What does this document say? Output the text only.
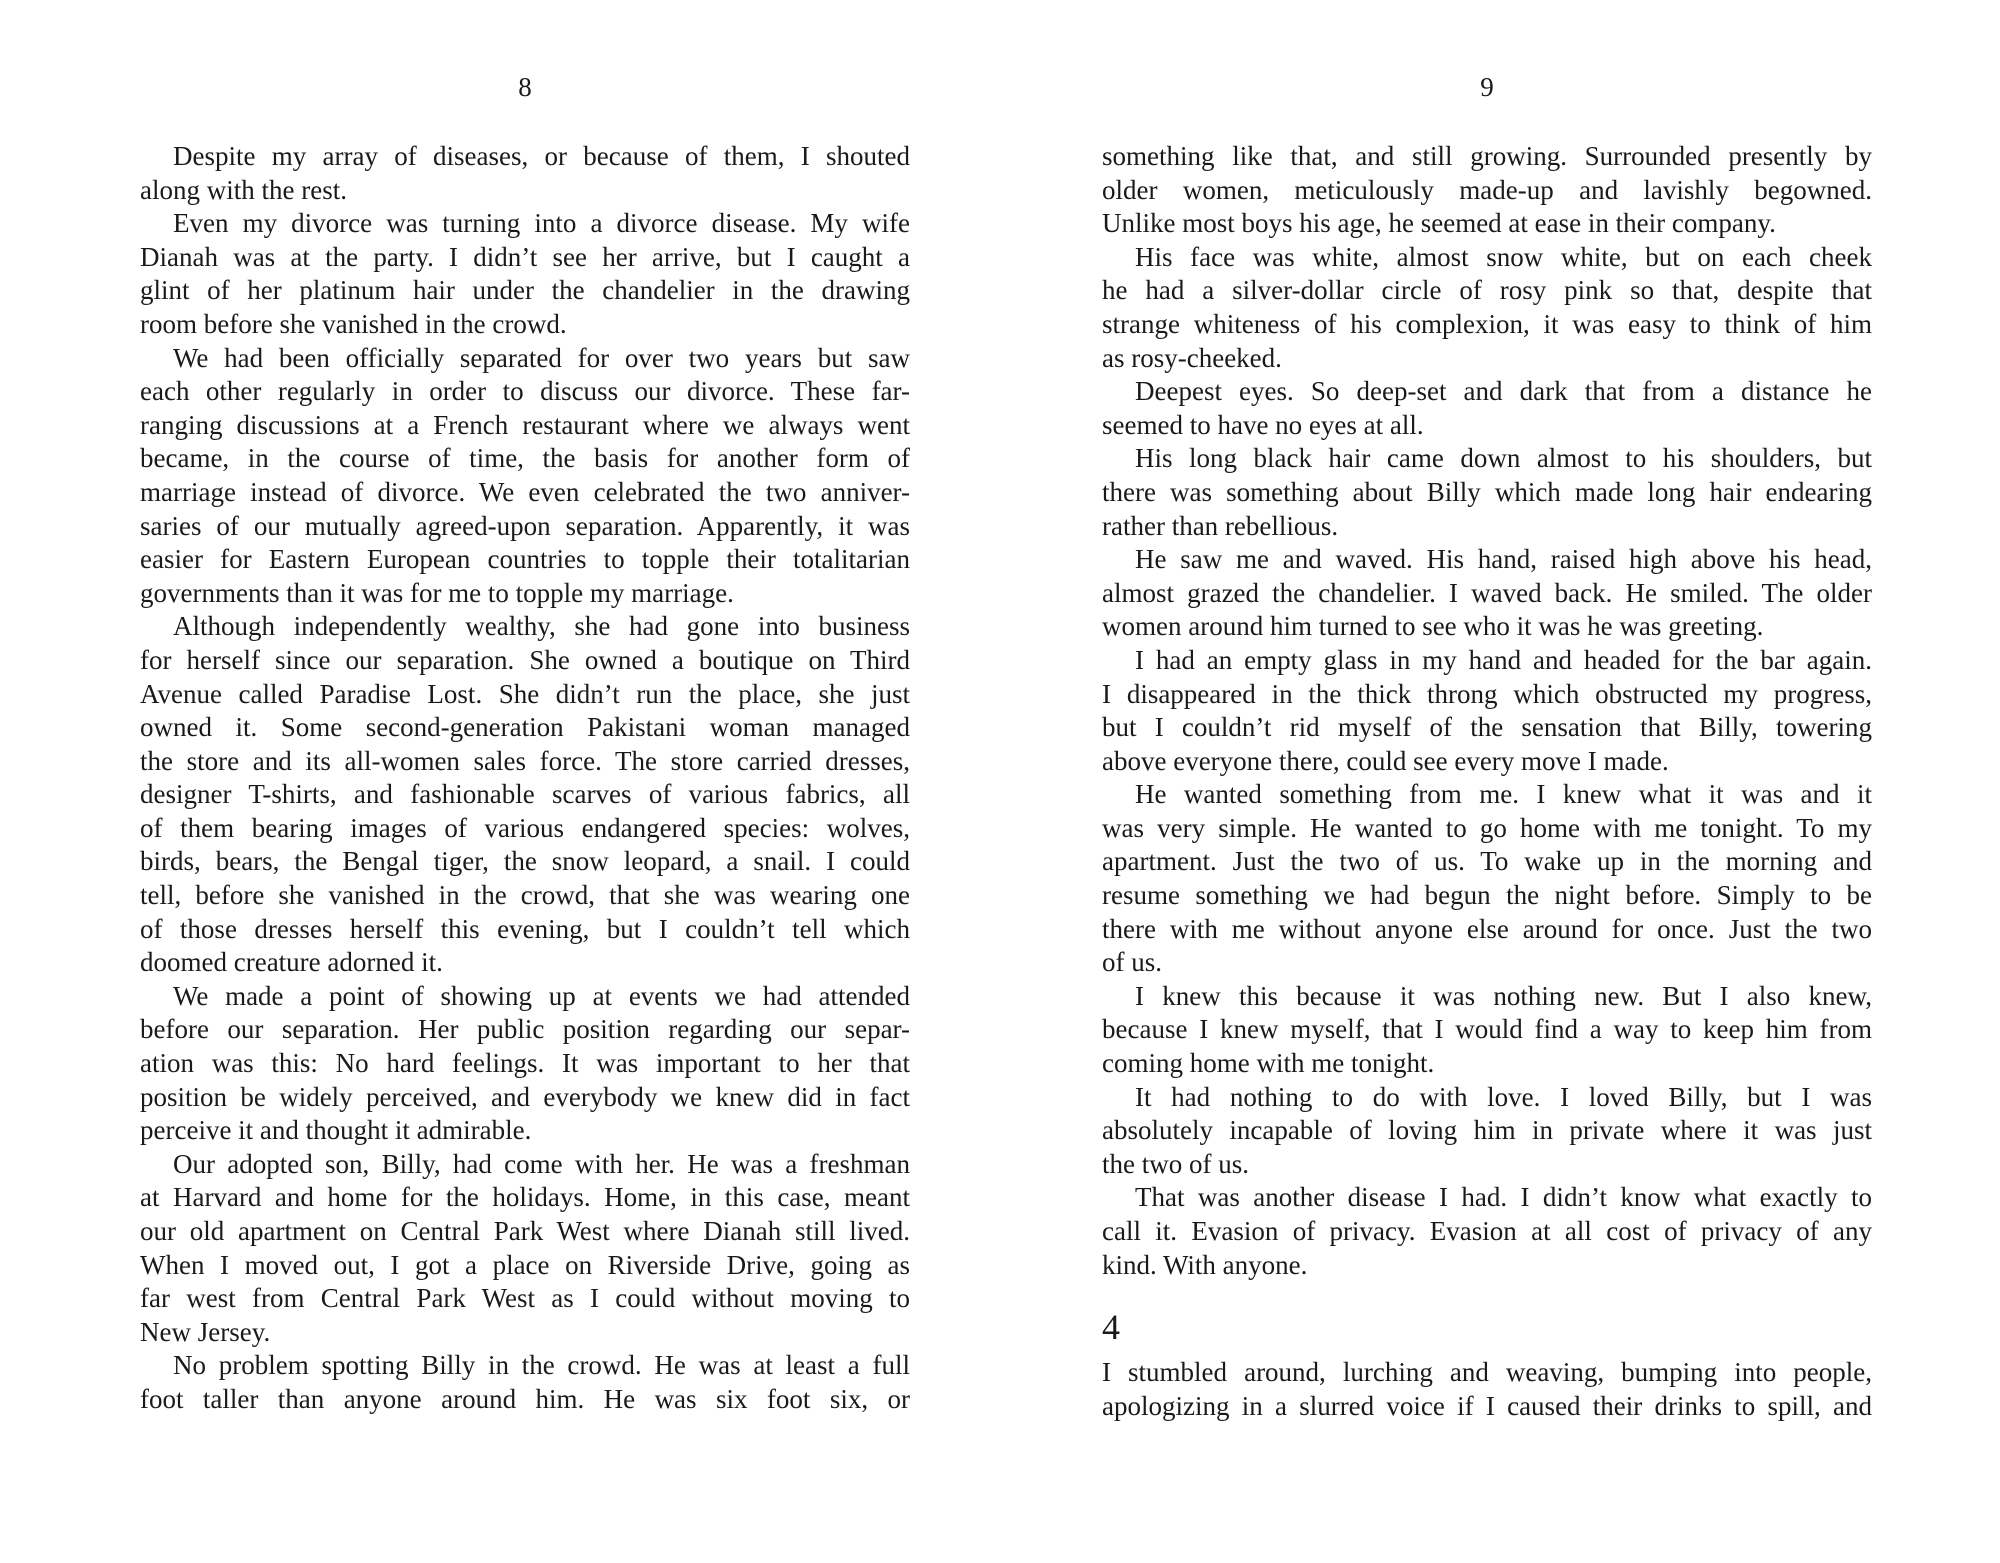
8
Despite my array of diseases, or because of them, I shouted
along with the rest.
Even my divorce was turning into a divorce disease. My wife
Dianah was at the party. I didn’t see her arrive, but I caught a
glint of her platinum hair under the chandelier in the drawing
room before she vanished in the crowd.
We had been officially separated for over two years but saw
each other regularly in order to discuss our divorce. These far-
ranging discussions at a French restaurant where we always went
became, in the course of time, the basis for another form of
marriage instead of divorce. We even celebrated the two anniver-
saries of our mutually agreed-upon separation. Apparently, it was
easier for Eastern European countries to topple their totalitarian
governments than it was for me to topple my marriage.
Although independently wealthy, she had gone into business
for herself since our separation. She owned a boutique on Third
Avenue called Paradise Lost. She didn’t run the place, she just
owned it. Some second-generation Pakistani woman managed
the store and its all-women sales force. The store carried dresses,
designer T-shirts, and fashionable scarves of various fabrics, all
of them bearing images of various endangered species: wolves,
birds, bears, the Bengal tiger, the snow leopard, a snail. I could
tell, before she vanished in the crowd, that she was wearing one
of those dresses herself this evening, but I couldn’t tell which
doomed creature adorned it.
We made a point of showing up at events we had attended
before our separation. Her public position regarding our separ-
ation was this: No hard feelings. It was important to her that
position be widely perceived, and everybody we knew did in fact
perceive it and thought it admirable.
Our adopted son, Billy, had come with her. He was a freshman
at Harvard and home for the holidays. Home, in this case, meant
our old apartment on Central Park West where Dianah still lived.
When I moved out, I got a place on Riverside Drive, going as
far west from Central Park West as I could without moving to
New Jersey.
No problem spotting Billy in the crowd. He was at least a full
foot taller than anyone around him. He was six foot six, or
9
something like that, and still growing. Surrounded presently by
older women, meticulously made-up and lavishly begowned.
Unlike most boys his age, he seemed at ease in their company.
His face was white, almost snow white, but on each cheek
he had a silver-dollar circle of rosy pink so that, despite that
strange whiteness of his complexion, it was easy to think of him
as rosy-cheeked.
Deepest eyes. So deep-set and dark that from a distance he
seemed to have no eyes at all.
His long black hair came down almost to his shoulders, but
there was something about Billy which made long hair endearing
rather than rebellious.
He saw me and waved. His hand, raised high above his head,
almost grazed the chandelier. I waved back. He smiled. The older
women around him turned to see who it was he was greeting.
I had an empty glass in my hand and headed for the bar again.
I disappeared in the thick throng which obstructed my progress,
but I couldn’t rid myself of the sensation that Billy, towering
above everyone there, could see every move I made.
He wanted something from me. I knew what it was and it
was very simple. He wanted to go home with me tonight. To my
apartment. Just the two of us. To wake up in the morning and
resume something we had begun the night before. Simply to be
there with me without anyone else around for once. Just the two
of us.
I knew this because it was nothing new. But I also knew,
because I knew myself, that I would find a way to keep him from
coming home with me tonight.
It had nothing to do with love. I loved Billy, but I was
absolutely incapable of loving him in private where it was just
the two of us.
That was another disease I had. I didn’t know what exactly to
call it. Evasion of privacy. Evasion at all cost of privacy of any
kind. With anyone.
4
I stumbled around, lurching and weaving, bumping into people,
apologizing in a slurred voice if I caused their drinks to spill, and
